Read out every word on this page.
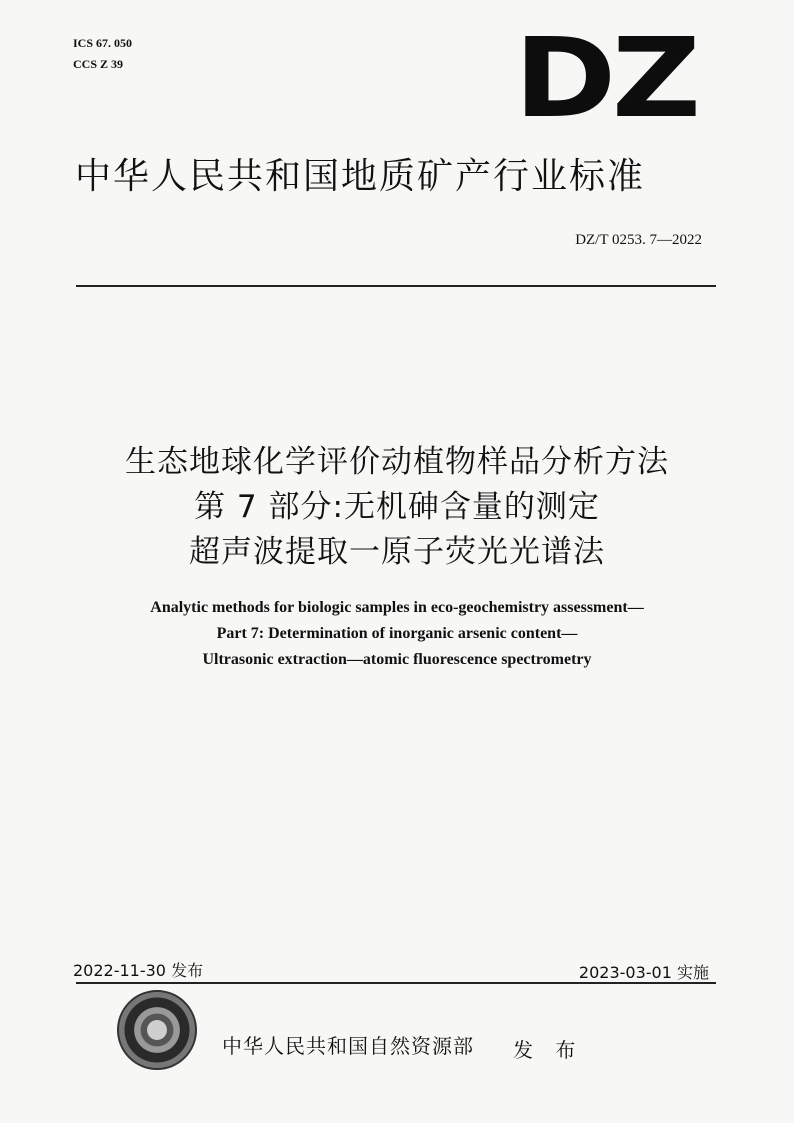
ICS 67. 050
CCS Z 39	DZ
中华人民共和国地质矿产行业标准
DZ/T 0253. 7—2022
生态地球化学评价动植物样品分析方法
第 7 部分:无机砷含量的测定
超声波提取一原子荧光光谱法
Analytic methods for biologic samples in eco-geochemistry assessment—
Part 7: Determination of inorganic arsenic content—
Ultrasonic extraction—atomic fluorescence spectrometry
2022-11-30 发布	2023-03-01 实施
中华人民共和国自然资源部 发 布
